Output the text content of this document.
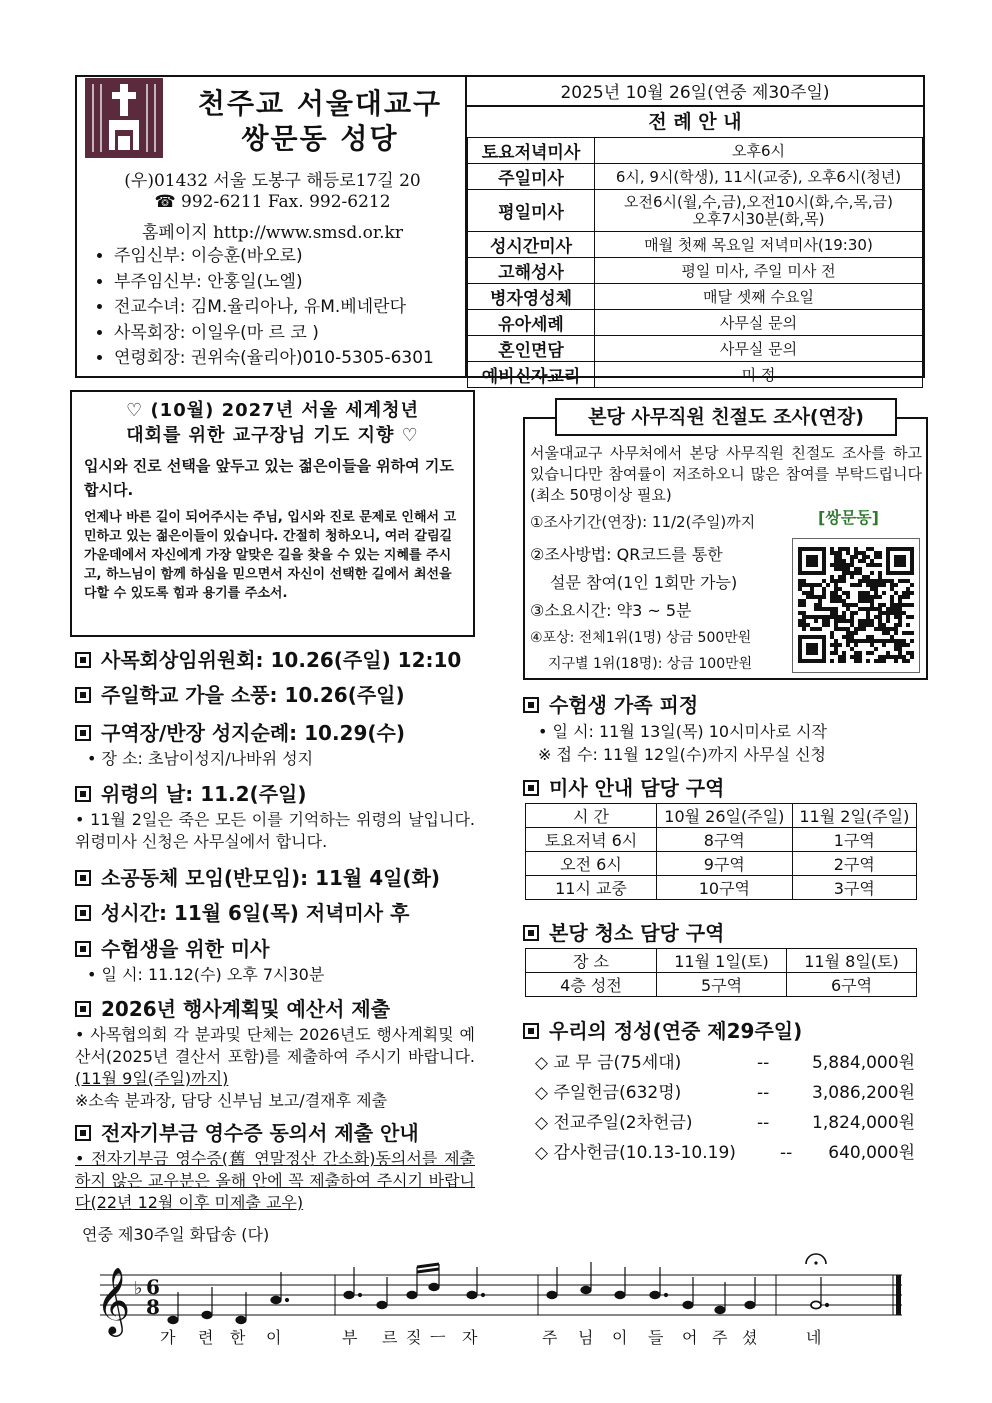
천주교 서울대교구
쌍문동 성당
(우)01432 서울 도봉구 해등로17길 20
☎ 992-6211 Fax. 992-6212
홈페이지 http://www.smsd.or.kr
• 주임신부: 이승훈(바오로)
• 부주임신부: 안홍일(노엘)
• 전교수녀: 김M.율리아나, 유M.베네란다
• 사목회장: 이일우(마 르 코 )
• 연령회장: 권위숙(율리아)010-5305-6301
2025년 10월 26일(연중 제30주일)
전 례 안 내
토요저녁미사	오후6시
주일미사	6시, 9시(학생), 11시(교중), 오후6시(청년)
평일미사	오전6시(월,수,금),오전10시(화,수,목,금)
오후7시30분(화,목)

성시간미사	매월 첫째 목요일 저녁미사(19:30)
고해성사	평일 미사, 주일 미사 전
병자영성체	매달 셋째 수요일
유아세례	사무실 문의
혼인면담	사무실 문의
예비신자교리	미 정
♡ (10월) 2027년 서울 세계청년
대회를 위한 교구장님 기도 지향 ♡
입시와 진로 선택을 앞두고 있는 젊은이들을 위하여 기도합시다.
언제나 바른 길이 되어주시는 주님, 입시와 진로 문제로 인해서 고민하고 있는 젊은이들이 있습니다. 간절히 청하오니, 여러 갈림길 가운데에서 자신에게 가장 알맞은 길을 찾을 수 있는 지혜를 주시고, 하느님이 함께 하심을 믿으면서 자신이 선택한 길에서 최선을 다할 수 있도록 힘과 용기를 주소서.
사목회상임위원회: 10.26(주일) 12:10
주일학교 가을 소풍: 10.26(주일)
구역장/반장 성지순례: 10.29(수)
• 장 소: 초남이성지/나바위 성지
위령의 날: 11.2(주일)
• 11월 2일은 죽은 모든 이를 기억하는 위령의 날입니다. 위령미사 신청은 사무실에서 합니다.
소공동체 모임(반모임): 11월 4일(화)
성시간: 11월 6일(목) 저녁미사 후
수험생을 위한 미사
• 일 시: 11.12(수) 오후 7시30분
2026년 행사계획및 예산서 제출
• 사목협의회 각 분과및 단체는 2026년도 행사계획및 예산서(2025년 결산서 포함)를 제출하여 주시기 바랍니다.(11월 9일(주일)까지)
※소속 분과장, 담당 신부님 보고/결재후 제출
전자기부금 영수증 동의서 제출 안내
• 전자기부금 영수증(舊 연말정산 간소화)동의서를 제출하지 않은 교우분은 올해 안에 꼭 제출하여 주시기 바랍니다(22년 12월 이후 미제출 교우)
본당 사무직원 친절도 조사(연장)
서울대교구 사무처에서 본당 사무직원 친절도 조사를 하고 있습니다만 참여률이 저조하오니 많은 참여를 부탁드립니다(최소 50명이상 필요)
①조사기간(연장): 11/2(주일)까지	[쌍문동]
②조사방법: QR코드를 통한
설문 참여(1인 1회만 가능)
③소요시간: 약3 ~ 5분
④포상: 전체1위(1명) 상금 500만원
지구별 1위(18명): 상금 100만원
수험생 가족 피정
• 일 시: 11월 13일(목) 10시미사로 시작
※ 접 수: 11월 12일(수)까지 사무실 신청
미사 안내 담당 구역
시 간	10월 26일(주일)	11월 2일(주일)
토요저녁 6시	8구역	1구역
오전 6시	9구역	2구역
11시 교중	10구역	3구역
본당 청소 담당 구역
장 소	11월 1일(토)	11월 8일(토)
4층 성전	5구역	6구역
우리의 정성(연중 제29주일)
◇ 교 무 금(75세대)	--	5,884,000원
◇ 주일헌금(632명)	--	3,086,200원
◇ 전교주일(2차헌금)	--	1,824,000원
◇ 감사헌금(10.13-10.19)	-- 640,000원
연중 제30주일 화답송 (다)
𝄞 ♭ 6
8
가 련 한 이	부 르 짖 ㅡ 자	주 님 이 들 어 주 셨	네
